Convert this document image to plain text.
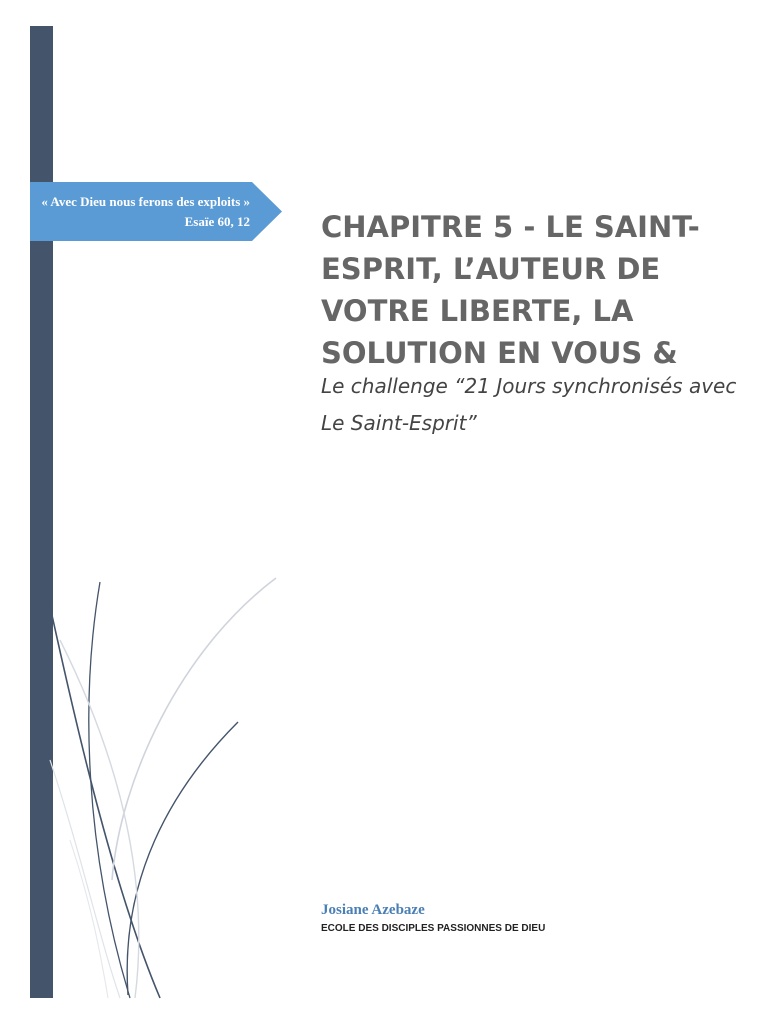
« Avec Dieu nous ferons des exploits » Esaïe 60, 12 CHAPITRE 5 - LE SAINT-ESPRIT, L’AUTEUR DE VOTRE LIBERTE, LA SOLUTION EN VOUS &

Le challenge “21 Jours synchronisés avec Le Saint-Esprit”

Josiane Azebaze
ECOLE DES DISCIPLES PASSIONNES DE DIEU
